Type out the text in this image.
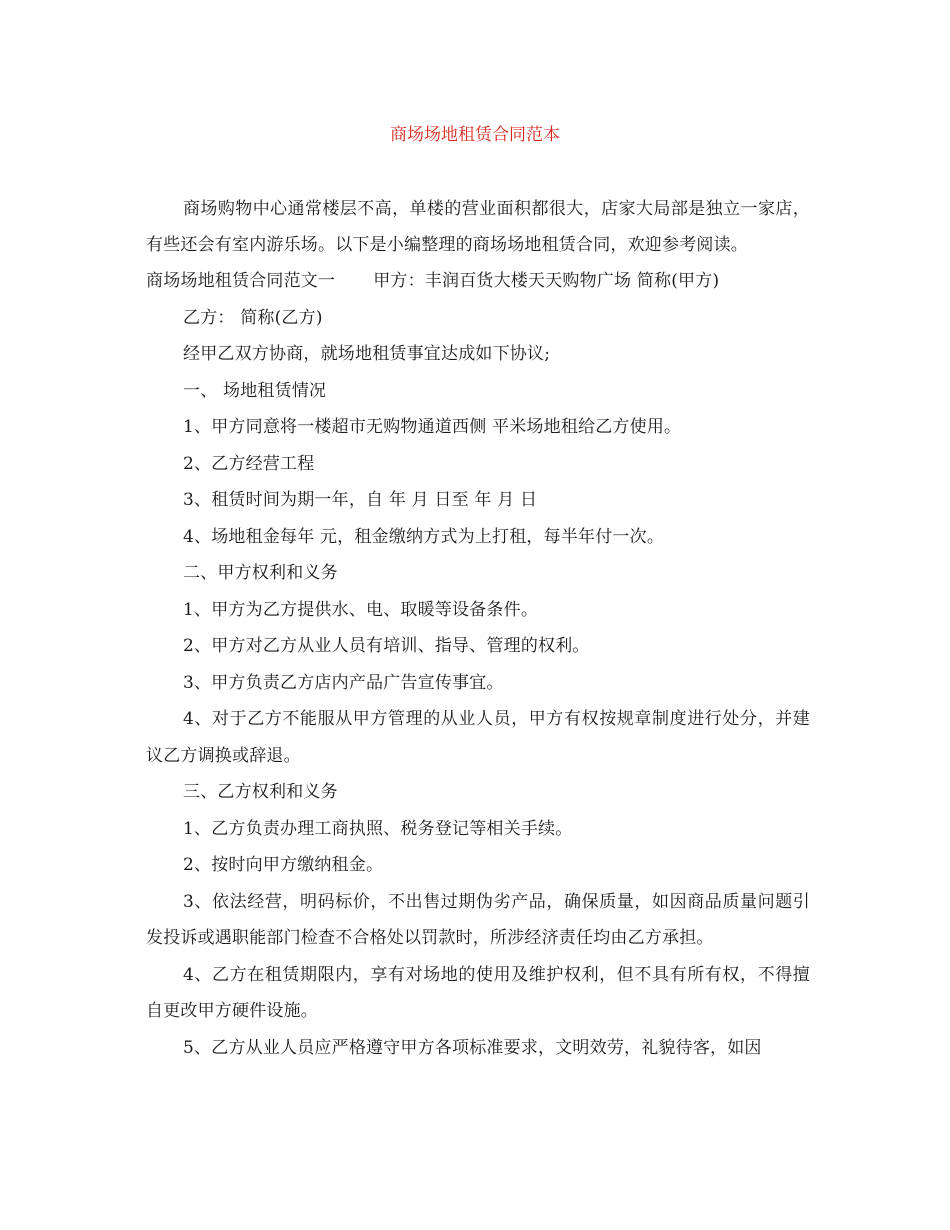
商场场地租赁合同范本

商场购物中心通常楼层不高，单楼的营业面积都很大，店家大局部是独立一家店，有些还会有室内游乐场。以下是小编整理的商场场地租赁合同，欢迎参考阅读。

商场场地租赁合同范文一 甲方：丰润百货大楼天天购物广场 简称(甲方)

乙方： 简称(乙方)

经甲乙双方协商，就场地租赁事宜达成如下协议;

一、 场地租赁情况

1、甲方同意将一楼超市无购物通道西侧 平米场地租给乙方使用。

2、乙方经营工程

3、租赁时间为期一年，自 年 月 日至 年 月 日

4、场地租金每年 元，租金缴纳方式为上打租，每半年付一次。

二、甲方权利和义务

1、甲方为乙方提供水、电、取暖等设备条件。

2、甲方对乙方从业人员有培训、指导、管理的权利。

3、甲方负责乙方店内产品广告宣传事宜。

4、对于乙方不能服从甲方管理的从业人员，甲方有权按规章制度进行处分，并建议乙方调换或辞退。

三、乙方权利和义务

1、乙方负责办理工商执照、税务登记等相关手续。

2、按时向甲方缴纳租金。

3、依法经营，明码标价，不出售过期伪劣产品，确保质量，如因商品质量问题引发投诉或遇职能部门检查不合格处以罚款时，所涉经济责任均由乙方承担。

4、乙方在租赁期限内，享有对场地的使用及维护权利，但不具有所有权，不得擅自更改甲方硬件设施。

5、乙方从业人员应严格遵守甲方各项标准要求，文明效劳，礼貌待客，如因
